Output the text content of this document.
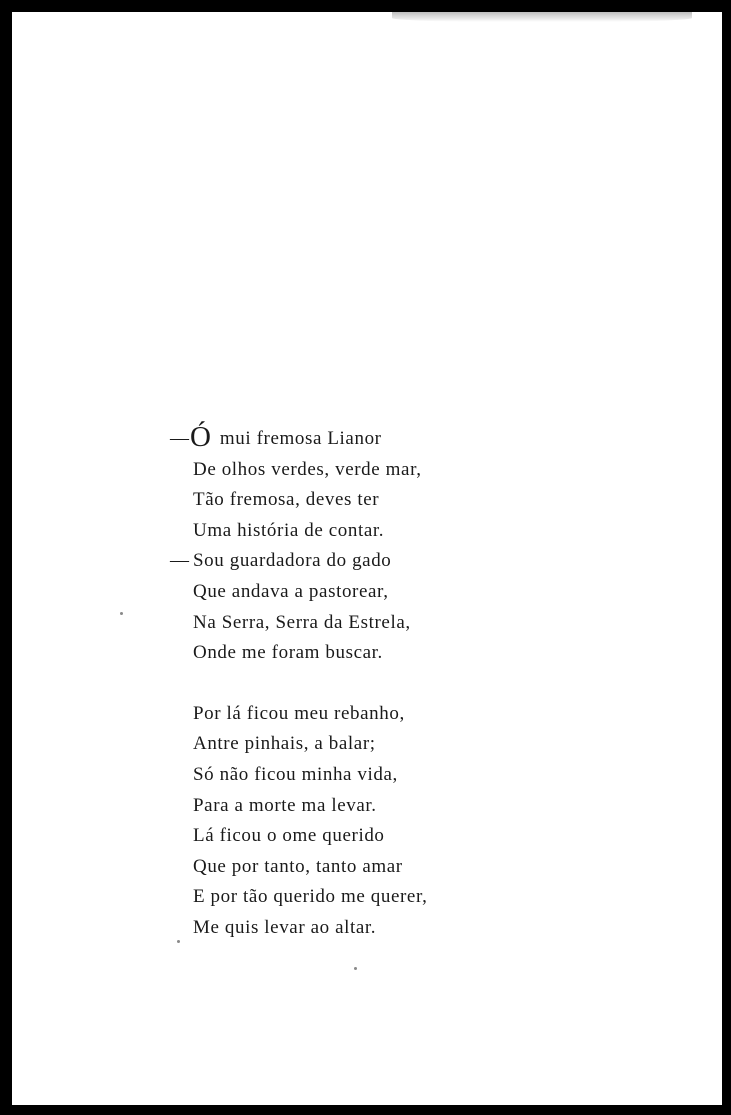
— Ó mui fremosa Lianor
De olhos verdes, verde mar,
Tão fremosa, deves ter
Uma história de contar.
— Sou guardadora do gado
Que andava a pastorear,
Na Serra, Serra da Estrela,
Onde me foram buscar.
Por lá ficou meu rebanho,
Antre pinhais, a balar;
Só não ficou minha vida,
Para a morte ma levar.
Lá ficou o ome querido
Que por tanto, tanto amar
E por tão querido me querer,
Me quis levar ao altar.
